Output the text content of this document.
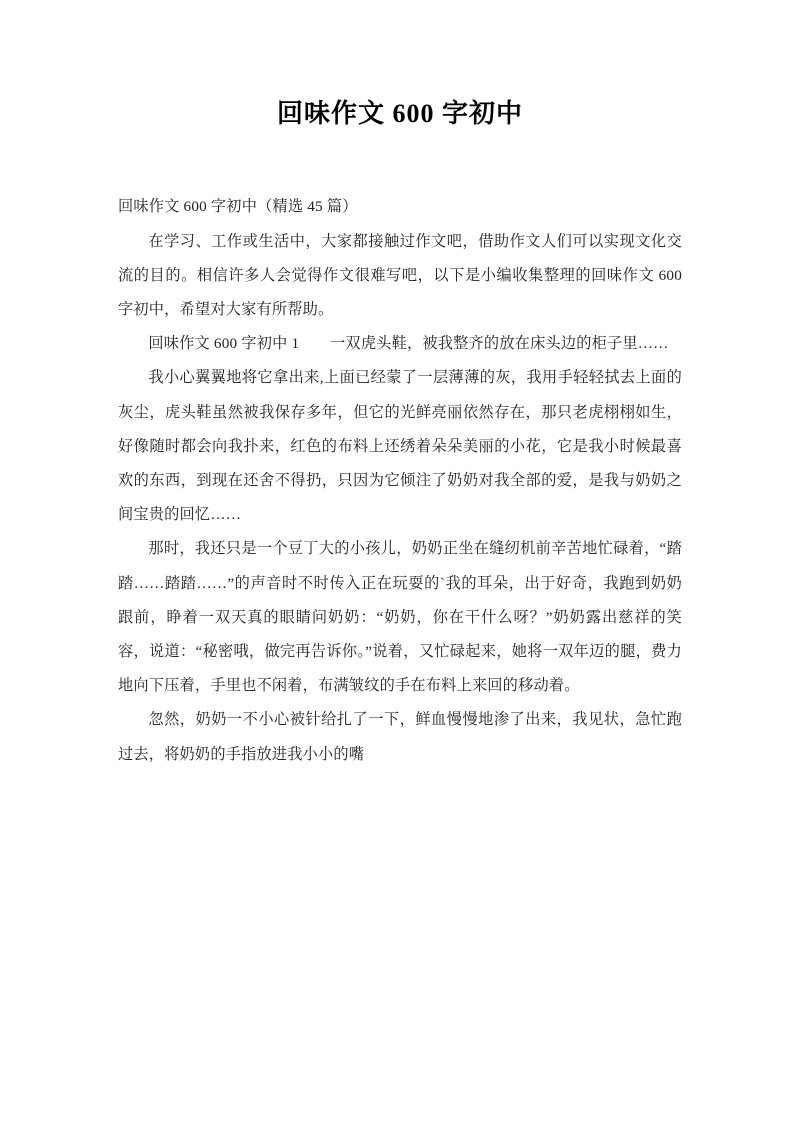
回味作文 600 字初中

回味作文 600 字初中（精选 45 篇）

在学习、工作或生活中，大家都接触过作文吧，借助作文人们可以实现文化交流的目的。相信许多人会觉得作文很难写吧，以下是小编收集整理的回味作文 600 字初中，希望对大家有所帮助。

回味作文 600 字初中 1　　一双虎头鞋，被我整齐的放在床头边的柜子里……

我小心翼翼地将它拿出来,上面已经蒙了一层薄薄的灰，我用手轻轻拭去上面的灰尘，虎头鞋虽然被我保存多年，但它的光鲜亮丽依然存在，那只老虎栩栩如生，好像随时都会向我扑来，红色的布料上还绣着朵朵美丽的小花，它是我小时候最喜欢的东西，到现在还舍不得扔，只因为它倾注了奶奶对我全部的爱，是我与奶奶之间宝贵的回忆……

那时，我还只是一个豆丁大的小孩儿，奶奶正坐在缝纫机前辛苦地忙碌着，“踏踏……踏踏……”的声音时不时传入正在玩耍的`我的耳朵，出于好奇，我跑到奶奶跟前，睁着一双天真的眼睛问奶奶：“奶奶，你在干什么呀？”奶奶露出慈祥的笑容，说道：“秘密哦，做完再告诉你。”说着，又忙碌起来，她将一双年迈的腿，费力地向下压着，手里也不闲着，布满皱纹的手在布料上来回的移动着。

忽然，奶奶一不小心被针给扎了一下，鲜血慢慢地渗了出来，我见状，急忙跑过去，将奶奶的手指放进我小小的嘴
